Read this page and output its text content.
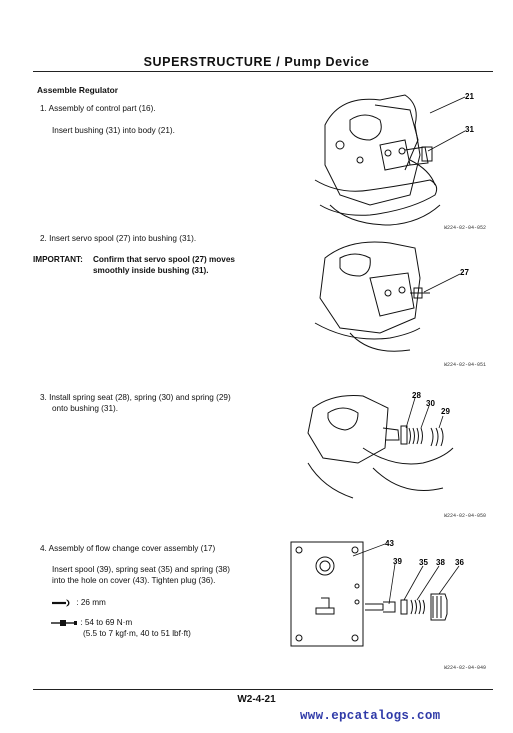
SUPERSTRUCTURE / Pump Device
Assemble Regulator
1. Assembly of control part (16).
Insert bushing (31) into body (21).
2. Insert servo spool (27) into bushing (31).
IMPORTANT: Confirm that servo spool (27) moves
smoothly inside bushing (31).
3. Install spring seat (28), spring (30) and spring (29)
onto bushing (31).
4. Assembly of flow change cover assembly (17)
Insert spool (39), spring seat (35) and spring (38)
into the hole on cover (43). Tighten plug (36).
: 26 mm
: 54 to 69 N·m
(5.5 to 7 kgf·m, 40 to 51 lbf·ft)
21
31
W224-02-04-052
27
W224-02-04-051
28
30
29
W224-02-04-050
43
39 35 38 36
W224-02-04-049
W2-4-21
www.epcatalogs.com
